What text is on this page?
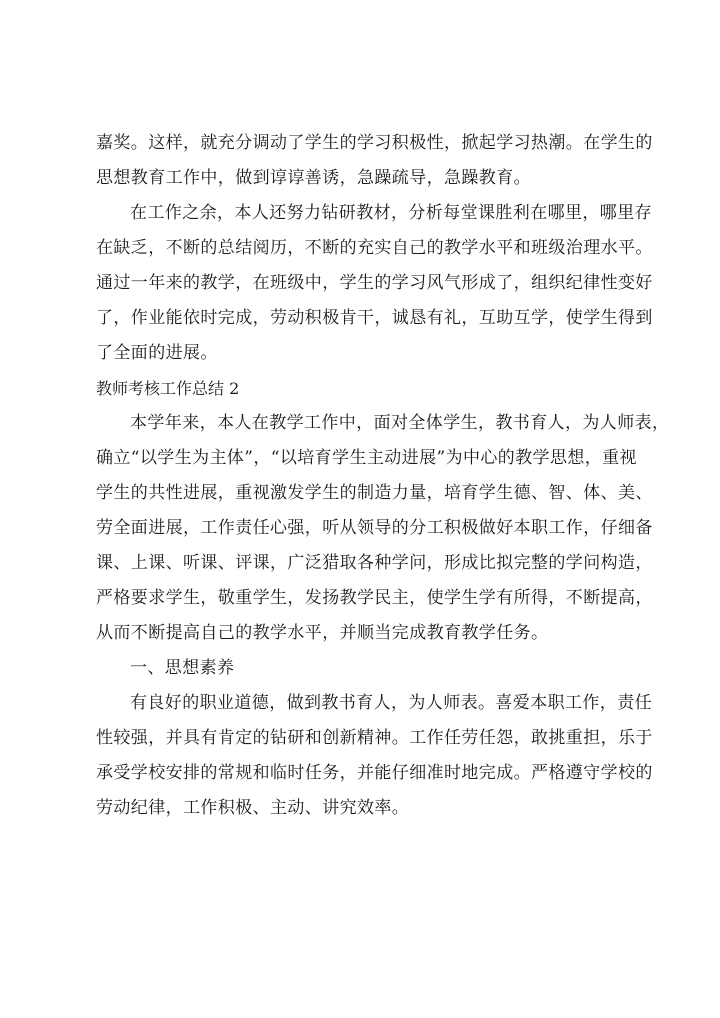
嘉奖。这样，就充分调动了学生的学习积极性，掀起学习热潮。在学生的
思想教育工作中，做到谆谆善诱，急躁疏导，急躁教育。

在工作之余，本人还努力钻研教材，分析每堂课胜利在哪里，哪里存
在缺乏，不断的总结阅历，不断的充实自己的教学水平和班级治理水平。
通过一年来的教学，在班级中，学生的学习风气形成了，组织纪律性变好
了，作业能依时完成，劳动积极肯干，诚恳有礼，互助互学，使学生得到
了全面的进展。

教师考核工作总结 2

本学年来，本人在教学工作中，面对全体学生，教书育人，为人师表，
确立“以学生为主体”，“以培育学生主动进展”为中心的教学思想，重视
学生的共性进展，重视激发学生的制造力量，培育学生德、智、体、美、
劳全面进展，工作责任心强，听从领导的分工积极做好本职工作，仔细备
课、上课、听课、评课，广泛猎取各种学问，形成比拟完整的学问构造，
严格要求学生，敬重学生，发扬教学民主，使学生学有所得，不断提高，
从而不断提高自己的教学水平，并顺当完成教育教学任务。

一、思想素养

有良好的职业道德，做到教书育人，为人师表。喜爱本职工作，责任
性较强，并具有肯定的钻研和创新精神。工作任劳任怨，敢挑重担，乐于
承受学校安排的常规和临时任务，并能仔细准时地完成。严格遵守学校的
劳动纪律，工作积极、主动、讲究效率。
